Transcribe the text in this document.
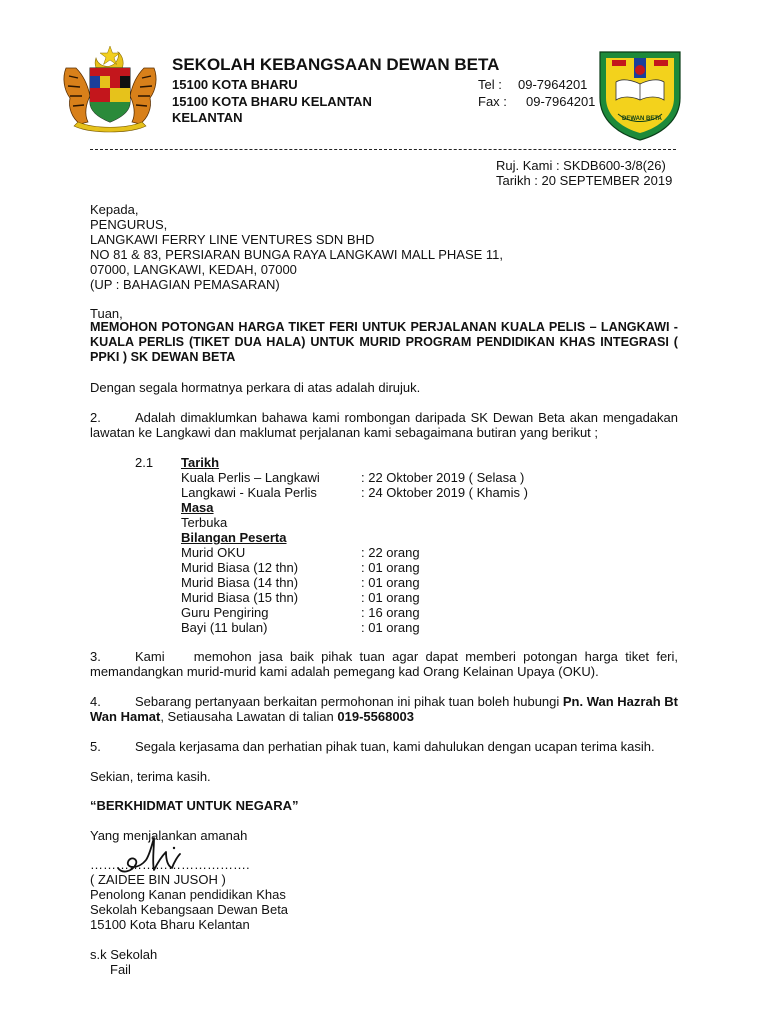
SEKOLAH KEBANGSAAN DEWAN BETA
15100 KOTA BHARU
15100 KOTA BHARU KELANTAN
KELANTAN
Tel : 09-7964201
Fax : 09-7964201
DEWAN BETA
Ruj. Kami : SKDB600-3/8(26)
Tarikh : 20 SEPTEMBER 2019
Kepada,
PENGURUS,
LANGKAWI FERRY LINE VENTURES SDN BHD
NO 81 & 83, PERSIARAN BUNGA RAYA LANGKAWI MALL PHASE 11,
07000, LANGKAWI, KEDAH, 07000
(UP : BAHAGIAN PEMASARAN)
Tuan,
MEMOHON POTONGAN HARGA TIKET FERI UNTUK PERJALANAN KUALA PELIS – LANGKAWI -KUALA PERLIS (TIKET DUA HALA) UNTUK MURID PROGRAM PENDIDIKAN KHAS INTEGRASI ( PPKI ) SK DEWAN BETA
Dengan segala hormatnya perkara di atas adalah dirujuk.
2.	Adalah dimaklumkan bahawa kami rombongan daripada SK Dewan Beta akan mengadakan lawatan ke Langkawi dan maklumat perjalanan kami sebagaimana butiran yang berikut ;
2.1 Tarikh
Kuala Perlis – Langkawi	: 22 Oktober 2019 ( Selasa )
Langkawi - Kuala Perlis	: 24 Oktober 2019 ( Khamis )
Masa
Terbuka
Bilangan Peserta
Murid OKU	: 22 orang
Murid Biasa (12 thn)	: 01 orang
Murid Biasa (14 thn)	: 01 orang
Murid Biasa (15 thn)	: 01 orang
Guru Pengiring	: 16 orang
Bayi (11 bulan)	: 01 orang
3.	Kami    memohon jasa baik pihak tuan agar dapat memberi potongan harga tiket feri, memandangkan murid-murid kami adalah pemegang kad Orang Kelainan Upaya (OKU).
4.	Sebarang pertanyaan berkaitan permohonan ini pihak tuan boleh hubungi Pn. Wan Hazrah Bt Wan Hamat, Setiausaha Lawatan di talian 019-5568003
5.	Segala kerjasama dan perhatian pihak tuan, kami dahulukan dengan ucapan terima kasih.
Sekian, terima kasih.
“BERKHIDMAT UNTUK NEGARA”
Yang menjalankan amanah
……………………………….
( ZAIDEE BIN JUSOH )
Penolong Kanan pendidikan Khas
Sekolah Kebangsaan Dewan Beta
15100 Kota Bharu Kelantan
s.k Sekolah
Fail
